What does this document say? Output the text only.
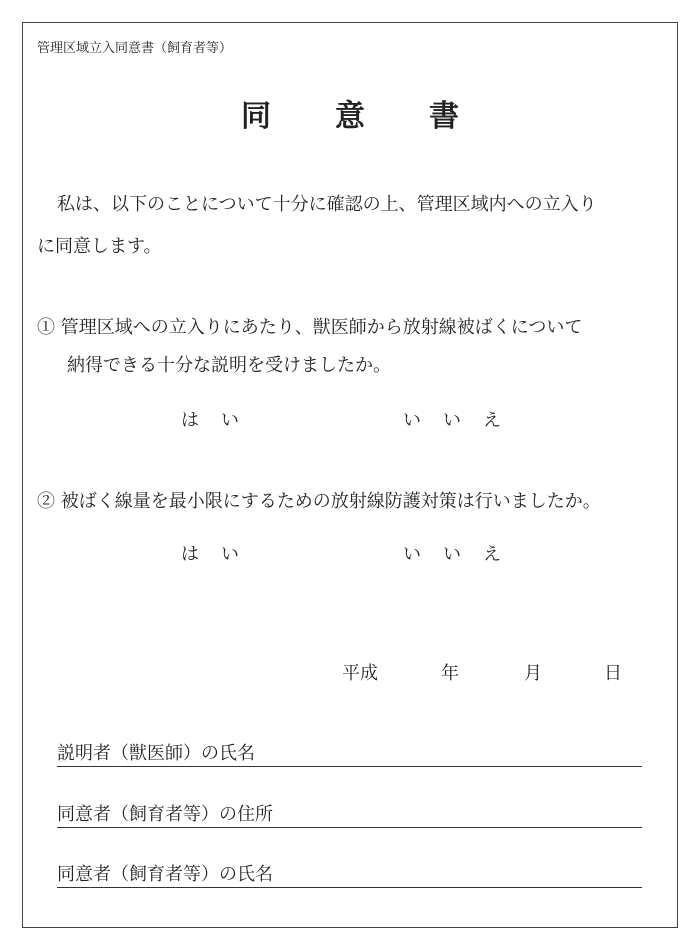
管理区域立入同意書（飼育者等）
同 意 書
私は、以下のことについて十分に確認の上、管理区域内への立入り
に同意します。
① 管理区域への立入りにあたり、獣医師から放射線被ばくについて
納得できる十分な説明を受けましたか。
は い	い い え
② 被ばく線量を最小限にするための放射線防護対策は行いましたか。
は い	い い え
平成	年	月	日
説明者（獣医師）の氏名
同意者（飼育者等）の住所
同意者（飼育者等）の氏名
